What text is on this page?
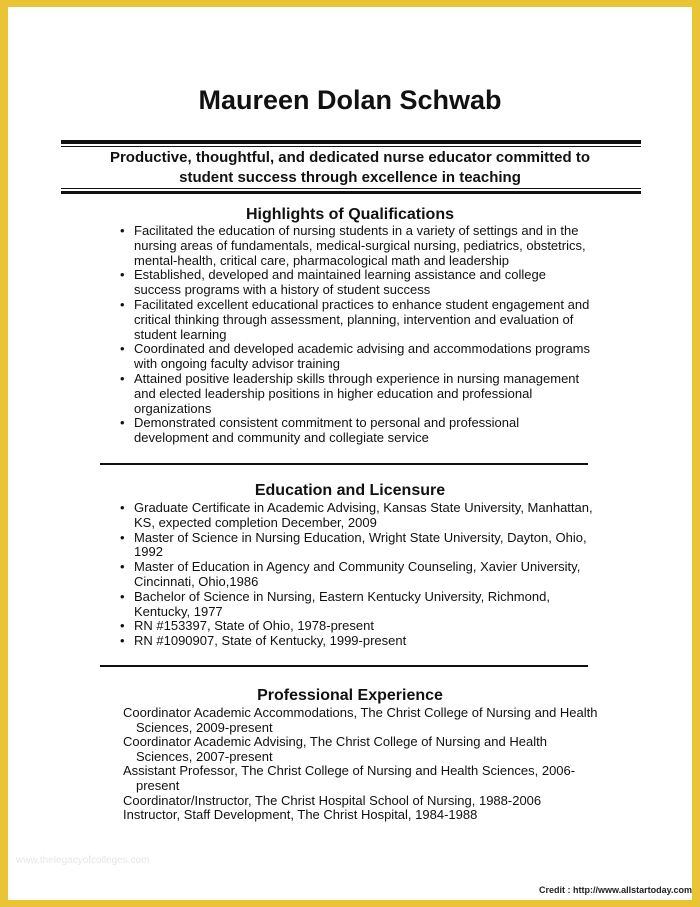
Maureen Dolan Schwab
Productive, thoughtful, and dedicated nurse educator committed to
student success through excellence in teaching
Highlights of Qualifications
• Facilitated the education of nursing students in a variety of settings and in the nursing areas of fundamentals, medical-surgical nursing, pediatrics, obstetrics, mental-health, critical care, pharmacological math and leadership
• Established, developed and maintained learning assistance and college success programs with a history of student success
• Facilitated excellent educational practices to enhance student engagement and critical thinking through assessment, planning, intervention and evaluation of student learning
• Coordinated and developed academic advising and accommodations programs with ongoing faculty advisor training
• Attained positive leadership skills through experience in nursing management and elected leadership positions in higher education and professional organizations
• Demonstrated consistent commitment to personal and professional development and community and collegiate service
Education and Licensure
• Graduate Certificate in Academic Advising, Kansas State University, Manhattan, KS, expected completion December, 2009
• Master of Science in Nursing Education, Wright State University, Dayton, Ohio, 1992
• Master of Education in Agency and Community Counseling, Xavier University, Cincinnati, Ohio,1986
• Bachelor of Science in Nursing, Eastern Kentucky University, Richmond, Kentucky, 1977
• RN #153397, State of Ohio, 1978-present
• RN #1090907, State of Kentucky, 1999-present
Professional Experience
Coordinator Academic Accommodations, The Christ College of Nursing and Health Sciences, 2009-present
Coordinator Academic Advising, The Christ College of Nursing and Health Sciences, 2007-present
Assistant Professor, The Christ College of Nursing and Health Sciences, 2006-present
Coordinator/Instructor, The Christ Hospital School of Nursing, 1988-2006
Instructor, Staff Development, The Christ Hospital, 1984-1988
www.thelegacyofcolleges.com
Credit : http://www.allstartoday.com
